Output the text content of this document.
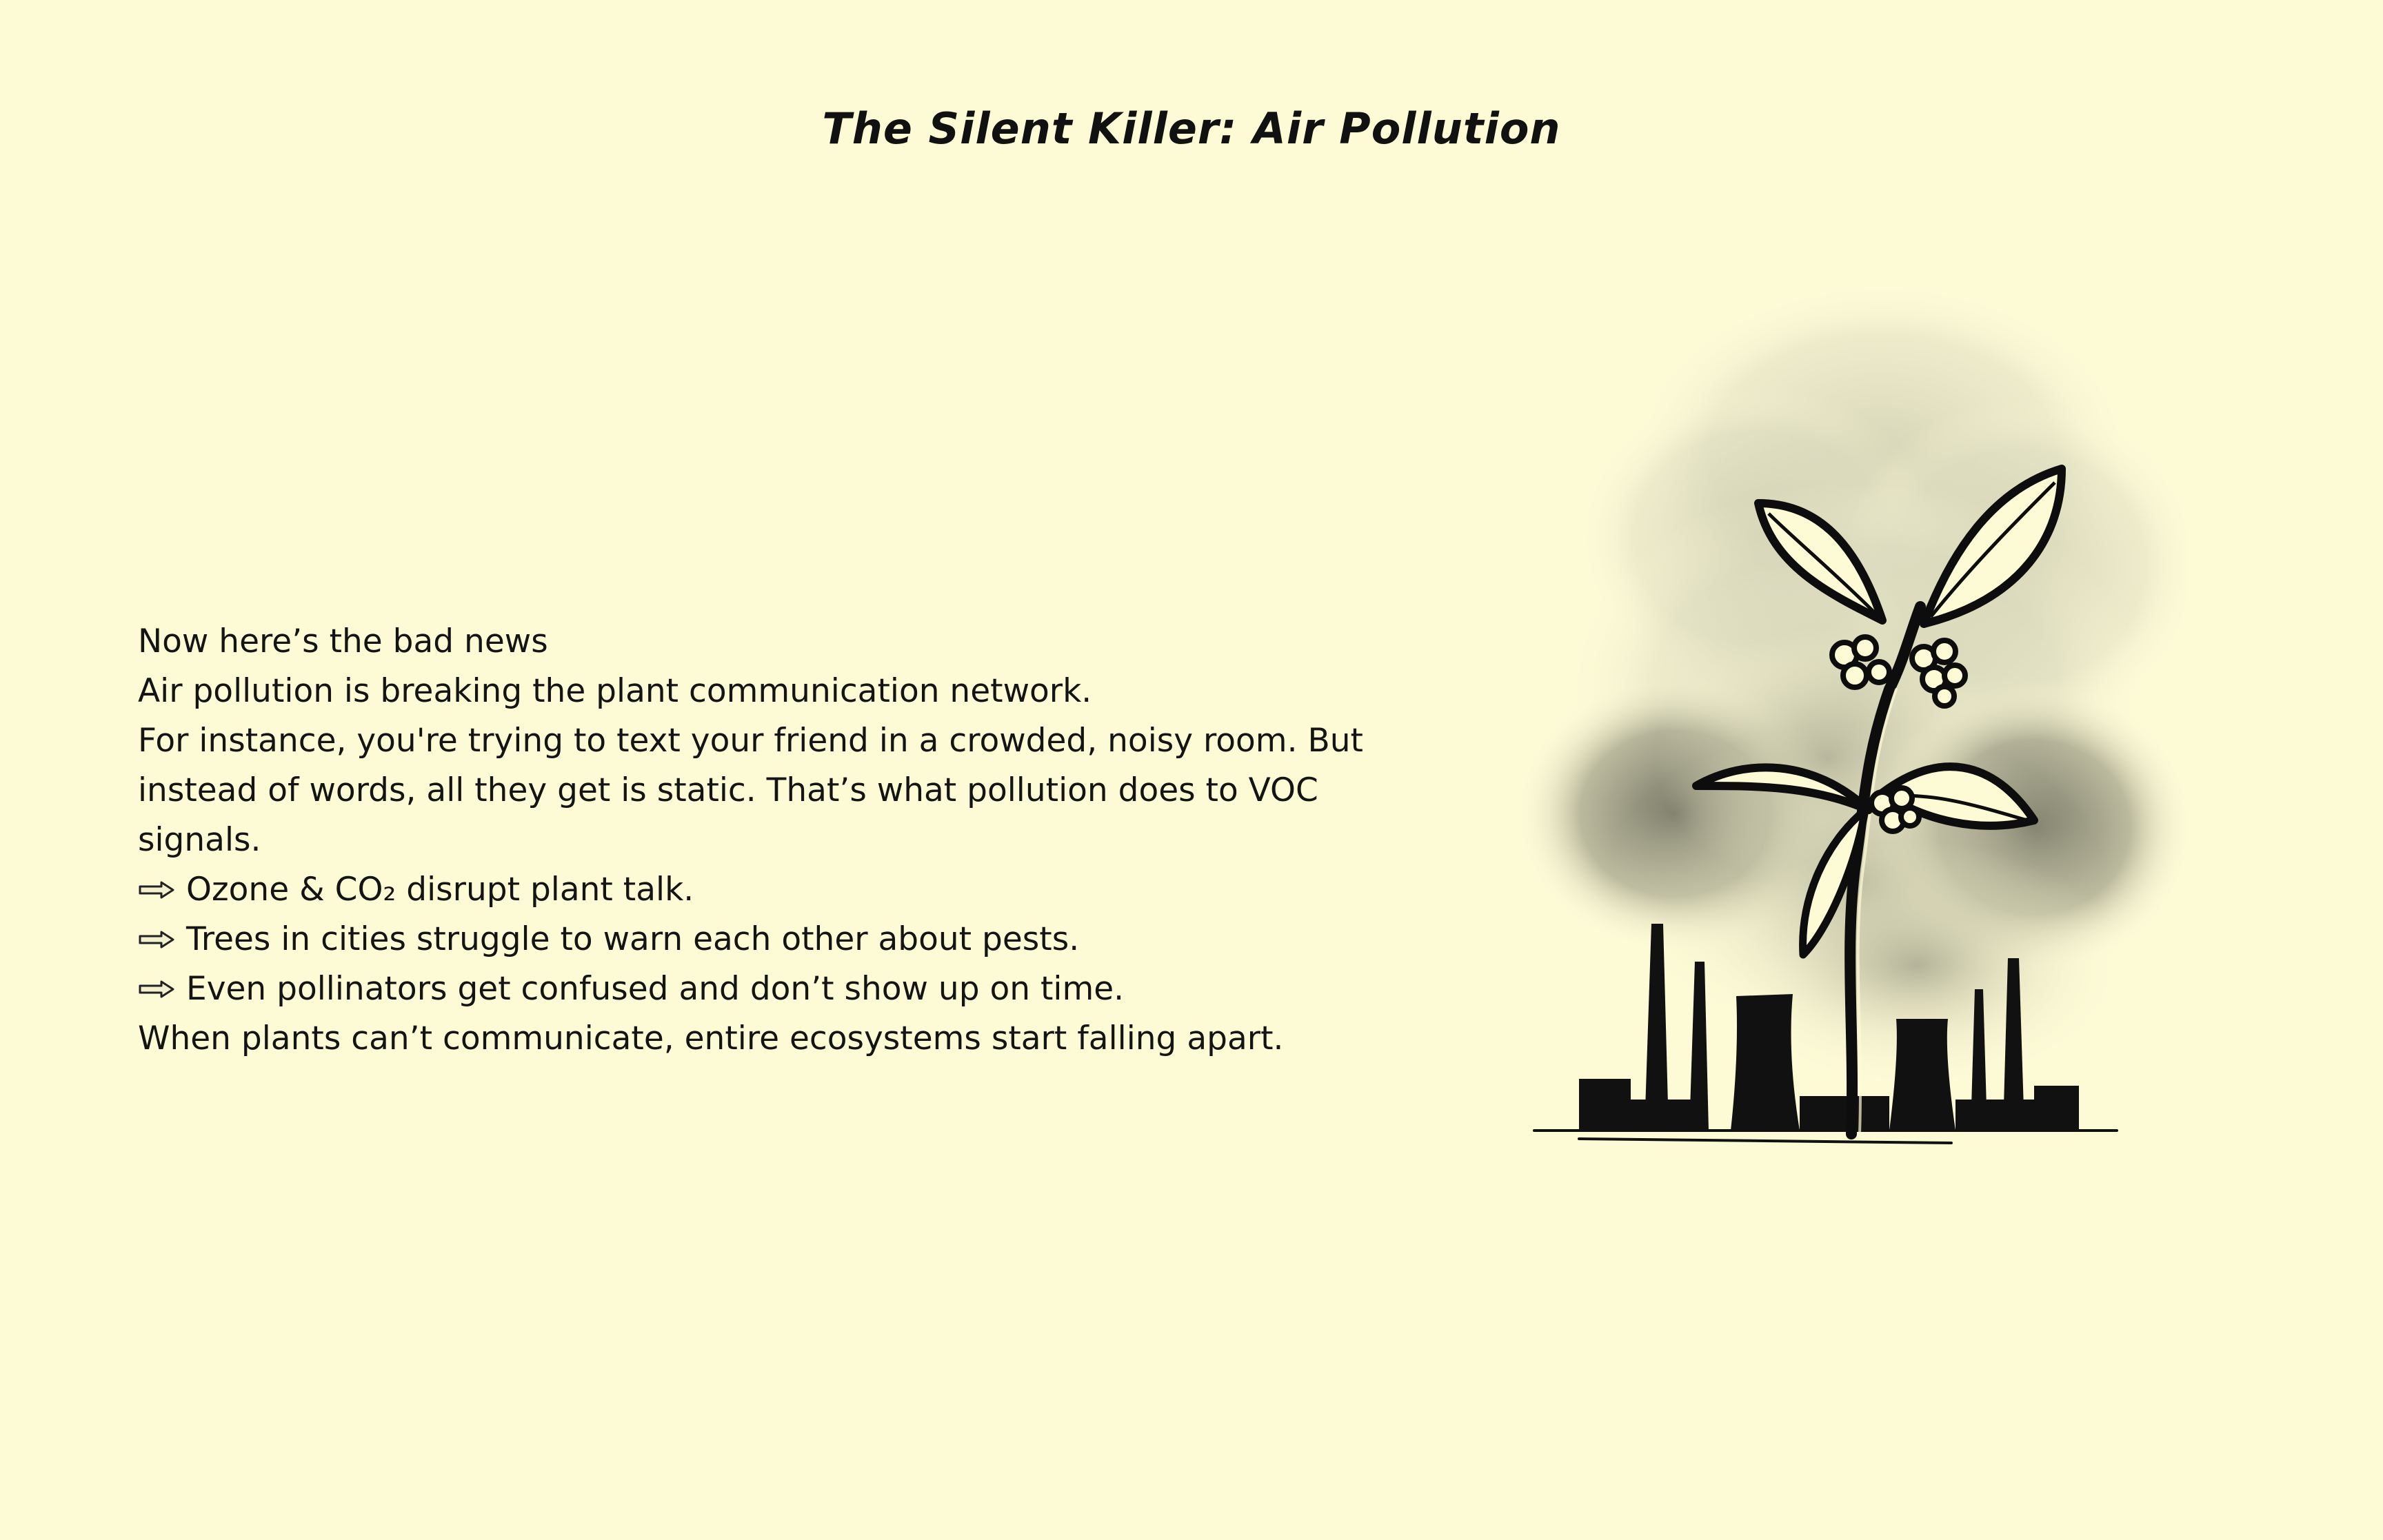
The Silent Killer: Air Pollution
Now here’s the bad news
Air pollution is breaking the plant communication network.
For instance, you're trying to text your friend in a crowded, noisy room. But instead of words, all they get is static. That’s what pollution does to VOC signals.
Ozone & CO₂ disrupt plant talk.
Trees in cities struggle to warn each other about pests.
Even pollinators get confused and don’t show up on time.
When plants can’t communicate, entire ecosystems start falling apart.
